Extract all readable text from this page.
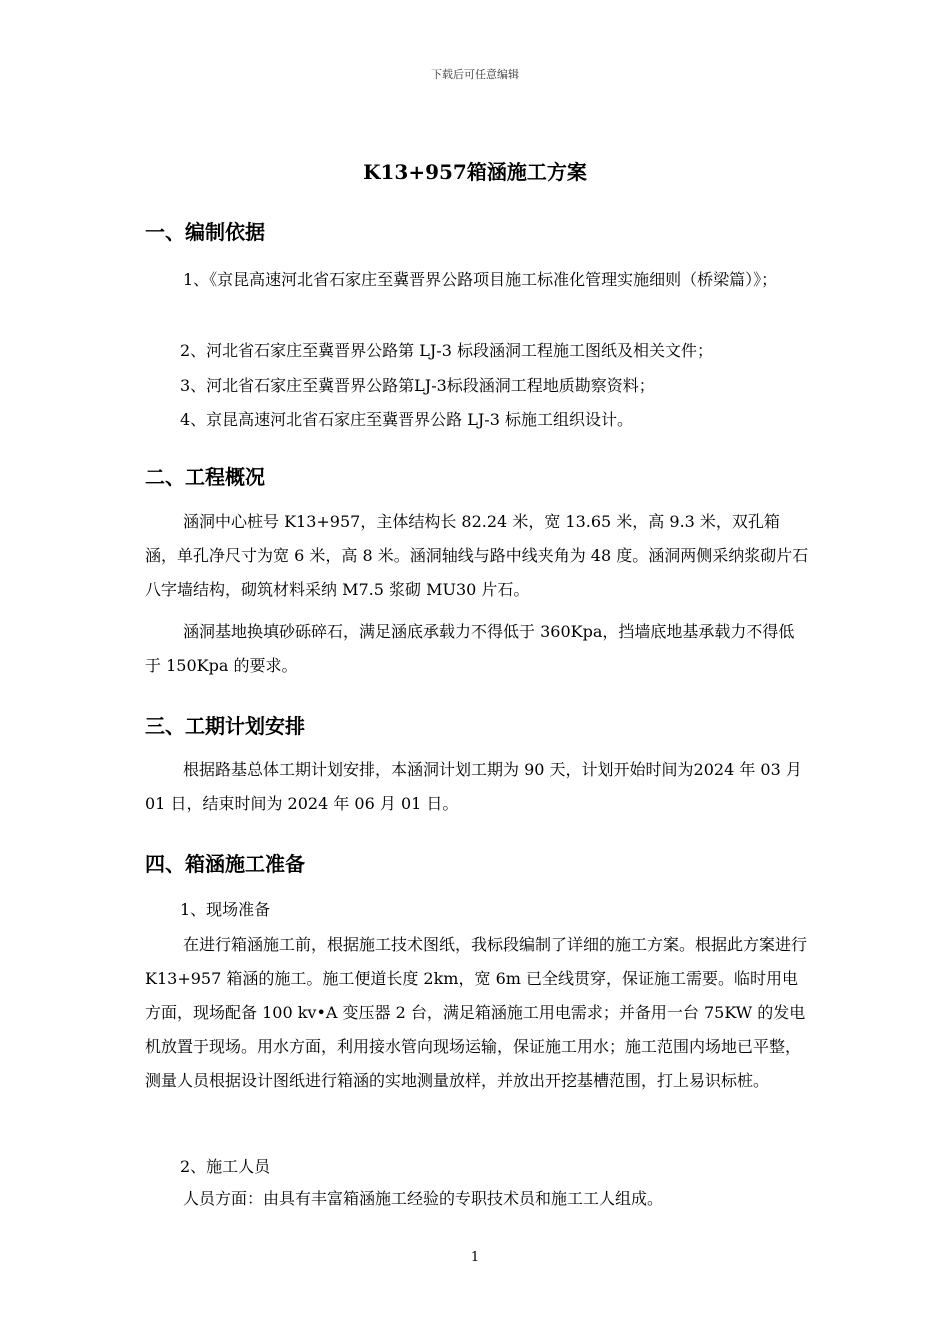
下载后可任意编辑
K13+957箱涵施工方案
一、编制依据
1、《京昆高速河北省石家庄至冀晋界公路项目施工标准化管理实施细则（桥梁篇）》；
2、河北省石家庄至冀晋界公路第 LJ-3 标段涵洞工程施工图纸及相关文件；
3、河北省石家庄至冀晋界公路第LJ-3标段涵洞工程地质勘察资料；
4、京昆高速河北省石家庄至冀晋界公路 LJ-3 标施工组织设计。
二、工程概况
涵洞中心桩号 K13+957，主体结构长 82.24 米，宽 13.65 米，高 9.3 米，双孔箱涵，单孔净尺寸为宽 6 米，高 8 米。涵洞轴线与路中线夹角为 48 度。涵洞两侧采纳浆砌片石八字墙结构，砌筑材料采纳 M7.5 浆砌 MU30 片石。
涵洞基地换填砂砾碎石，满足涵底承载力不得低于 360Kpa，挡墙底地基承载力不得低于 150Kpa 的要求。
三、工期计划安排
根据路基总体工期计划安排，本涵洞计划工期为 90 天，计划开始时间为2024 年 03 月 01 日，结束时间为 2024 年 06 月 01 日。
四、箱涵施工准备
1、现场准备
在进行箱涵施工前，根据施工技术图纸，我标段编制了详细的施工方案。根据此方案进行 K13+957 箱涵的施工。施工便道长度 2km，宽 6m 已全线贯穿，保证施工需要。临时用电方面，现场配备 100 kv•A 变压器 2 台，满足箱涵施工用电需求；并备用一台 75KW 的发电机放置于现场。用水方面，利用接水管向现场运输，保证施工用水；施工范围内场地已平整，测量人员根据设计图纸进行箱涵的实地测量放样，并放出开挖基槽范围，打上易识标桩。
2、施工人员
人员方面：由具有丰富箱涵施工经验的专职技术员和施工工人组成。
1
